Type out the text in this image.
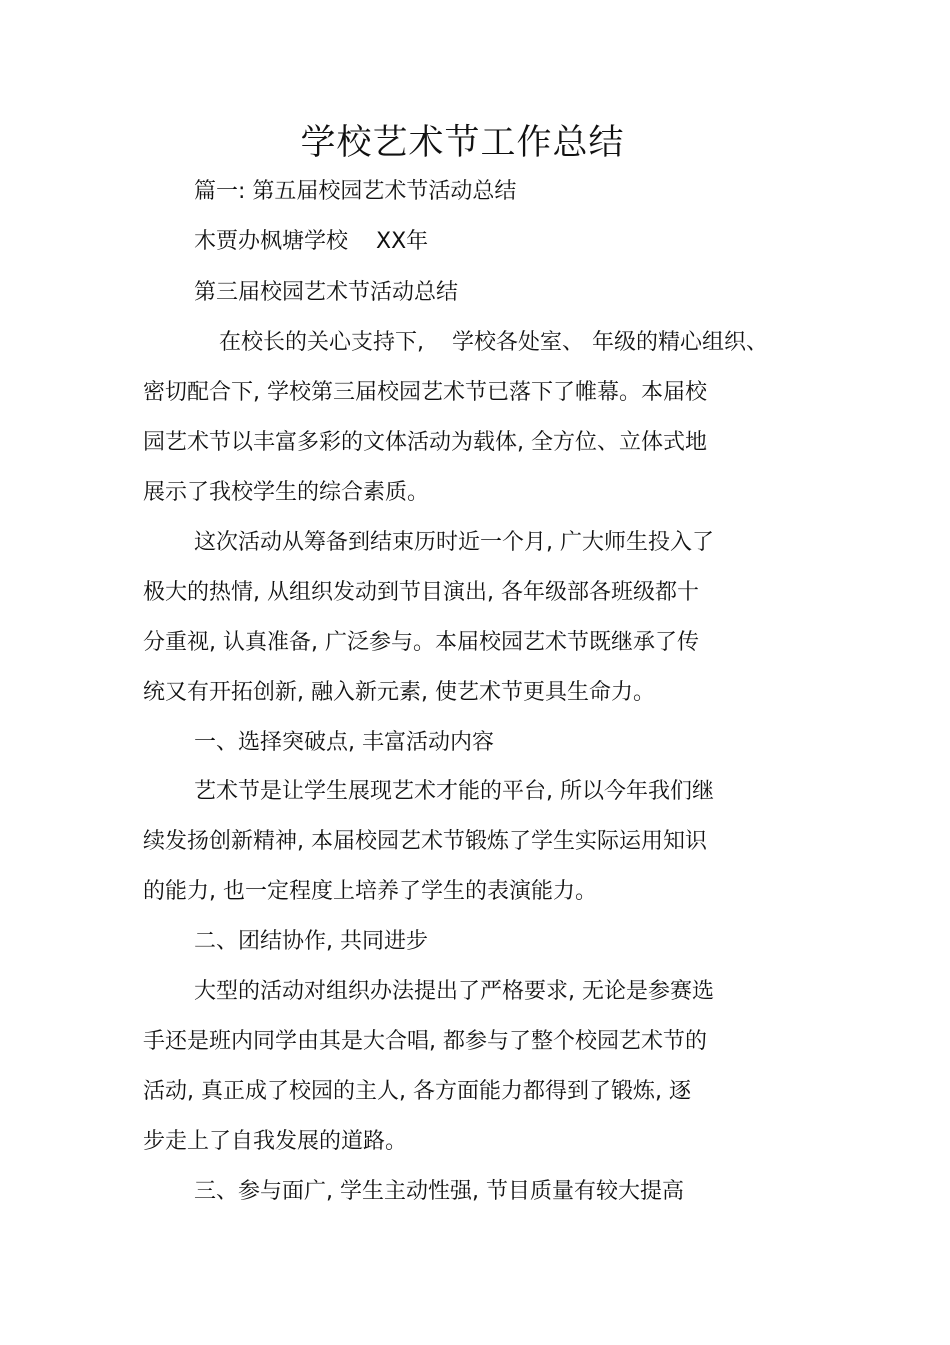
学校艺术节工作总结
篇一: 第五届校园艺术节活动总结
木贾办枫塘学校 XX年
第三届校园艺术节活动总结
在校长的关心支持下, 学校各处室、 年级的精心组织、
密切配合下, 学校第三届校园艺术节已落下了帷幕。本届校
园艺术节以丰富多彩的文体活动为载体, 全方位、立体式地
展示了我校学生的综合素质。
这次活动从筹备到结束历时近一个月, 广大师生投入了
极大的热情, 从组织发动到节目演出, 各年级部各班级都十
分重视, 认真准备, 广泛参与。本届校园艺术节既继承了传
统又有开拓创新, 融入新元素, 使艺术节更具生命力。
一、选择突破点, 丰富活动内容
艺术节是让学生展现艺术才能的平台, 所以今年我们继
续发扬创新精神, 本届校园艺术节锻炼了学生实际运用知识
的能力, 也一定程度上培养了学生的表演能力。
二、团结协作, 共同进步
大型的活动对组织办法提出了严格要求, 无论是参赛选
手还是班内同学由其是大合唱, 都参与了整个校园艺术节的
活动, 真正成了校园的主人, 各方面能力都得到了锻炼, 逐
步走上了自我发展的道路。
三、参与面广, 学生主动性强, 节目质量有较大提高
